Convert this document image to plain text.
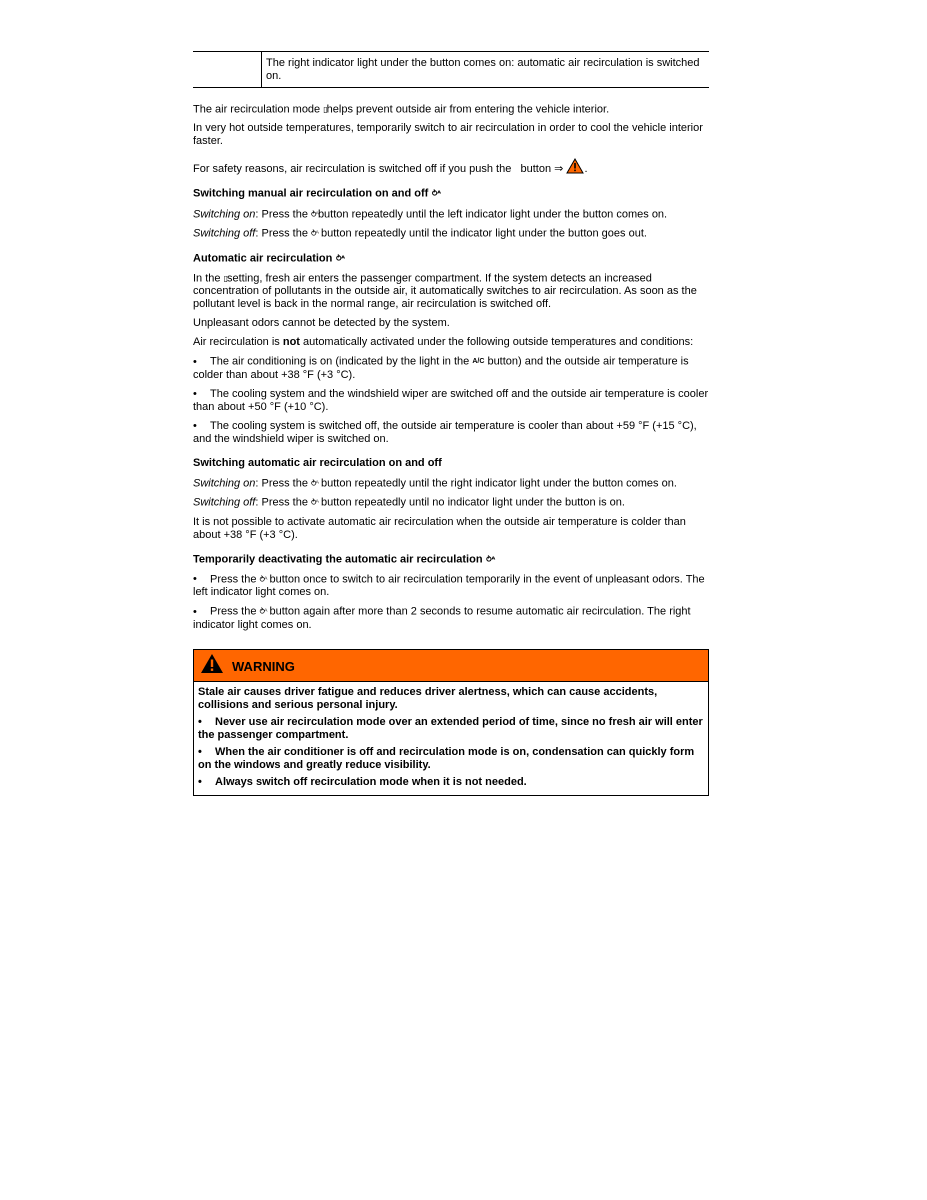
The right indicator light under the button comes on: automatic air recirculation is switched on.

The air recirculation mode ▯helps prevent outside air from entering the vehicle interior.

In very hot outside temperatures, temporarily switch to air recirculation in order to cool the vehicle interior faster.

For safety reasons, air recirculation is switched off if you push the button ⇒ .

Switching manual air recirculation on and off ⥁ᴬ

Switching on: Press the ⥁ᴬbutton repeatedly until the left indicator light under the button comes on.

Switching off: Press the ⥁ᴬ button repeatedly until the indicator light under the button goes out.

Automatic air recirculation ⥁ᴬ

In the ▯setting, fresh air enters the passenger compartment. If the system detects an increased concentration of pollutants in the outside air, it automatically switches to air recirculation. As soon as the pollutant level is back in the normal range, air recirculation is switched off.

Unpleasant odors cannot be detected by the system.

Air recirculation is not automatically activated under the following outside temperatures and conditions:

• The air conditioning is on (indicated by the light in the A/C button) and the outside air temperature is colder than about +38 °F (+3 °C).

• The cooling system and the windshield wiper are switched off and the outside air temperature is cooler than about +50 °F (+10 °C).

• The cooling system is switched off, the outside air temperature is cooler than about +59 °F (+15 °C), and the windshield wiper is switched on.

Switching automatic air recirculation on and off

Switching on: Press the ⥁ᴬ button repeatedly until the right indicator light under the button comes on.

Switching off: Press the ⥁ᴬ button repeatedly until no indicator light under the button is on.

It is not possible to activate automatic air recirculation when the outside air temperature is colder than about +38 °F (+3 °C).

Temporarily deactivating the automatic air recirculation ⥁ᴬ

• Press the ⥁ᴬ button once to switch to air recirculation temporarily in the event of unpleasant odors. The left indicator light comes on.

• Press the ⥁ᴬ button again after more than 2 seconds to resume automatic air recirculation. The right indicator light comes on.

WARNING

Stale air causes driver fatigue and reduces driver alertness, which can cause accidents, collisions and serious personal injury.

• Never use air recirculation mode over an extended period of time, since no fresh air will enter the passenger compartment.

• When the air conditioner is off and recirculation mode is on, condensation can quickly form on the windows and greatly reduce visibility.

• Always switch off recirculation mode when it is not needed.
